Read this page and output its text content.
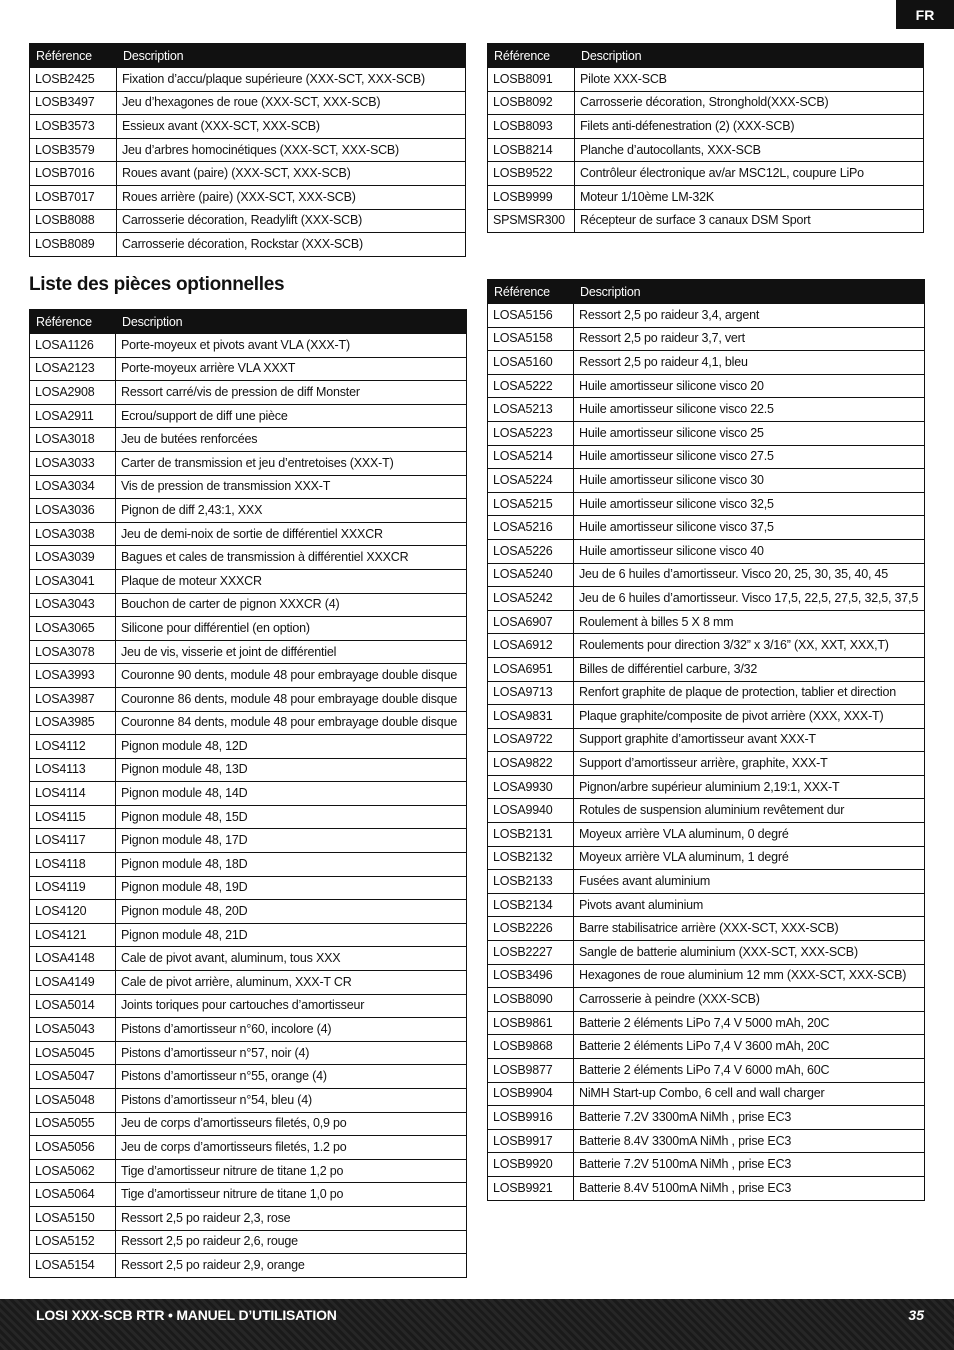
FR
Référence	Description
LOSB2425	Fixation d’accu/plaque supérieure (XXX-SCT, XXX-SCB)
LOSB3497	Jeu d’hexagones de roue (XXX-SCT, XXX-SCB)
LOSB3573	Essieux avant (XXX-SCT, XXX-SCB)
LOSB3579	Jeu d’arbres homocinétiques (XXX-SCT, XXX-SCB)
LOSB7016	Roues avant (paire) (XXX-SCT, XXX-SCB)
LOSB7017	Roues arrière (paire) (XXX-SCT, XXX-SCB)
LOSB8088	Carrosserie décoration, Readylift (XXX-SCB)
LOSB8089	Carrosserie décoration, Rockstar (XXX-SCB)
Référence	Description
LOSB8091	Pilote XXX-SCB
LOSB8092	Carrosserie décoration, Stronghold(XXX-SCB)
LOSB8093	Filets anti-défenestration (2) (XXX-SCB)
LOSB8214	Planche d’autocollants, XXX-SCB
LOSB9522	Contrôleur électronique av/ar MSC12L, coupure LiPo
LOSB9999	Moteur 1/10ème LM-32K
SPSMSR300	Récepteur de surface 3 canaux DSM Sport
Liste des pièces optionnelles
Référence	Description
LOSA1126	Porte-moyeux et pivots avant VLA (XXX-T)
LOSA2123	Porte-moyeux arrière VLA XXXT
LOSA2908	Ressort carré/vis de pression de diff Monster
LOSA2911	Ecrou/support de diff une pièce
LOSA3018	Jeu de butées renforcées
LOSA3033	Carter de transmission et jeu d’entretoises (XXX-T)
LOSA3034	Vis de pression de transmission XXX-T
LOSA3036	Pignon de diff 2,43:1, XXX
LOSA3038	Jeu de demi-noix de sortie de différentiel XXXCR
LOSA3039	Bagues et cales de transmission à différentiel XXXCR
LOSA3041	Plaque de moteur XXXCR
LOSA3043	Bouchon de carter de pignon XXXCR (4)
LOSA3065	Silicone pour différentiel (en option)
LOSA3078	Jeu de vis, visserie et joint de différentiel
LOSA3993	Couronne 90 dents, module 48 pour embrayage double disque
LOSA3987	Couronne 86 dents, module 48 pour embrayage double disque
LOSA3985	Couronne 84 dents, module 48 pour embrayage double disque
LOS4112	Pignon module 48, 12D
LOS4113	Pignon module 48, 13D
LOS4114	Pignon module 48, 14D
LOS4115	Pignon module 48, 15D
LOS4117	Pignon module 48, 17D
LOS4118	Pignon module 48, 18D
LOS4119	Pignon module 48, 19D
LOS4120	Pignon module 48, 20D
LOS4121	Pignon module 48, 21D
LOSA4148	Cale de pivot avant, aluminum, tous XXX
LOSA4149	Cale de pivot arrière, aluminum, XXX-T CR
LOSA5014	Joints toriques pour cartouches d’amortisseur
LOSA5043	Pistons d’amortisseur n°60, incolore (4)
LOSA5045	Pistons d’amortisseur n°57, noir (4)
LOSA5047	Pistons d’amortisseur n°55, orange (4)
LOSA5048	Pistons d’amortisseur n°54, bleu (4)
LOSA5055	Jeu de corps d’amortisseurs filetés, 0,9 po
LOSA5056	Jeu de corps d’amortisseurs filetés, 1.2 po
LOSA5062	Tige d’amortisseur nitrure de titane 1,2 po
LOSA5064	Tige d’amortisseur nitrure de titane 1,0 po
LOSA5150	Ressort 2,5 po raideur 2,3, rose
LOSA5152	Ressort 2,5 po raideur 2,6, rouge
LOSA5154	Ressort 2,5 po raideur 2,9, orange
Référence	Description
LOSA5156	Ressort 2,5 po raideur 3,4, argent
LOSA5158	Ressort 2,5 po raideur 3,7, vert
LOSA5160	Ressort 2,5 po raideur 4,1, bleu
LOSA5222	Huile amortisseur silicone visco 20
LOSA5213	Huile amortisseur silicone visco 22.5
LOSA5223	Huile amortisseur silicone visco 25
LOSA5214	Huile amortisseur silicone visco 27.5
LOSA5224	Huile amortisseur silicone visco 30
LOSA5215	Huile amortisseur silicone visco 32,5
LOSA5216	Huile amortisseur silicone visco 37,5
LOSA5226	Huile amortisseur silicone visco 40
LOSA5240	Jeu de 6 huiles d’amortisseur. Visco 20, 25, 30, 35, 40, 45
LOSA5242	Jeu de 6 huiles d’amortisseur. Visco 17,5, 22,5, 27,5, 32,5, 37,5
LOSA6907	Roulement à billes 5 X 8 mm
LOSA6912	Roulements pour direction 3/32” x 3/16” (XX, XXT, XXX,T)
LOSA6951	Billes de différentiel carbure, 3/32
LOSA9713	Renfort graphite de plaque de protection, tablier et direction
LOSA9831	Plaque graphite/composite de pivot arrière (XXX, XXX-T)
LOSA9722	Support graphite d’amortisseur avant XXX-T
LOSA9822	Support d’amortisseur arrière, graphite, XXX-T
LOSA9930	Pignon/arbre supérieur aluminium 2,19:1, XXX-T
LOSA9940	Rotules de suspension aluminium revêtement dur
LOSB2131	Moyeux arrière VLA aluminum, 0 degré
LOSB2132	Moyeux arrière VLA aluminum, 1 degré
LOSB2133	Fusées avant aluminium
LOSB2134	Pivots avant aluminium
LOSB2226	Barre stabilisatrice arrière (XXX-SCT, XXX-SCB)
LOSB2227	Sangle de batterie aluminium (XXX-SCT, XXX-SCB)
LOSB3496	Hexagones de roue aluminium 12 mm (XXX-SCT, XXX-SCB)
LOSB8090	Carrosserie à peindre (XXX-SCB)
LOSB9861	Batterie 2 éléments LiPo 7,4 V 5000 mAh, 20C
LOSB9868	Batterie 2 éléments LiPo 7,4 V 3600 mAh, 20C
LOSB9877	Batterie 2 éléments LiPo 7,4 V 6000 mAh, 60C
LOSB9904	NiMH Start-up Combo, 6 cell and wall charger
LOSB9916	Batterie 7.2V 3300mA NiMh , prise EC3
LOSB9917	Batterie 8.4V 3300mA NiMh , prise EC3
LOSB9920	Batterie 7.2V 5100mA NiMh , prise EC3
LOSB9921	Batterie 8.4V 5100mA NiMh , prise EC3
LOSI XXX-SCB RTR • MANUEL D’UTILISATION	35
